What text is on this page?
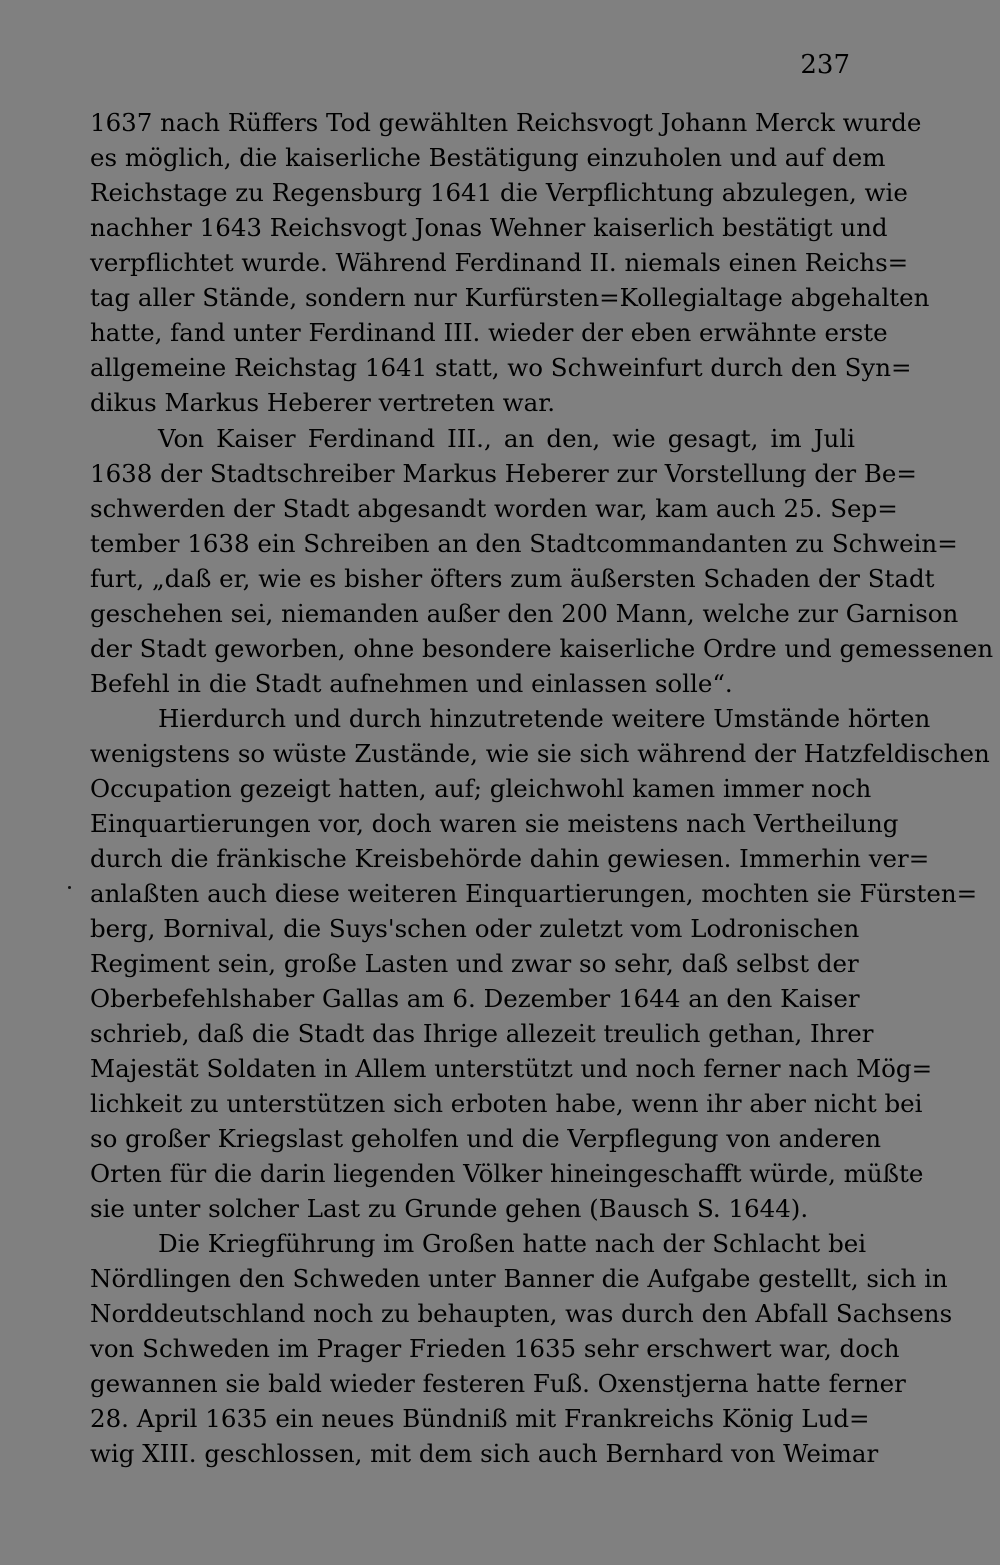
237
1637 nach Rüffers Tod gewählten Reichsvogt Johann Merck wurde
es möglich, die kaiserliche Bestätigung einzuholen und auf dem
Reichstage zu Regensburg 1641 die Verpflichtung abzulegen, wie
nachher 1643 Reichsvogt Jonas Wehner kaiserlich bestätigt und
verpflichtet wurde. Während Ferdinand II. niemals einen Reichs=
tag aller Stände, sondern nur Kurfürsten=Kollegialtage abgehalten
hatte, fand unter Ferdinand III. wieder der eben erwähnte erste
allgemeine Reichstag 1641 statt, wo Schweinfurt durch den Syn=
dikus Markus Heberer vertreten war.
Von Kaiser Ferdinand III., an den, wie gesagt, im Juli
1638 der Stadtschreiber Markus Heberer zur Vorstellung der Be=
schwerden der Stadt abgesandt worden war, kam auch 25. Sep=
tember 1638 ein Schreiben an den Stadtcommandanten zu Schwein=
furt, „daß er, wie es bisher öfters zum äußersten Schaden der Stadt
geschehen sei, niemanden außer den 200 Mann, welche zur Garnison
der Stadt geworben, ohne besondere kaiserliche Ordre und gemessenen
Befehl in die Stadt aufnehmen und einlassen solle“.
Hierdurch und durch hinzutretende weitere Umstände hörten
wenigstens so wüste Zustände, wie sie sich während der Hatzfeldischen
Occupation gezeigt hatten, auf; gleichwohl kamen immer noch
Einquartierungen vor, doch waren sie meistens nach Vertheilung
durch die fränkische Kreisbehörde dahin gewiesen. Immerhin ver=
anlaßten auch diese weiteren Einquartierungen, mochten sie Fürsten=
berg, Bornival, die Suys'schen oder zuletzt vom Lodronischen
Regiment sein, große Lasten und zwar so sehr, daß selbst der
Oberbefehlshaber Gallas am 6. Dezember 1644 an den Kaiser
schrieb, daß die Stadt das Ihrige allezeit treulich gethan, Ihrer
Majestät Soldaten in Allem unterstützt und noch ferner nach Mög=
lichkeit zu unterstützen sich erboten habe, wenn ihr aber nicht bei
so großer Kriegslast geholfen und die Verpflegung von anderen
Orten für die darin liegenden Völker hineingeschafft würde, müßte
sie unter solcher Last zu Grunde gehen (Bausch S. 1644).
Die Kriegführung im Großen hatte nach der Schlacht bei
Nördlingen den Schweden unter Banner die Aufgabe gestellt, sich in
Norddeutschland noch zu behaupten, was durch den Abfall Sachsens
von Schweden im Prager Frieden 1635 sehr erschwert war, doch
gewannen sie bald wieder festeren Fuß. Oxenstjerna hatte ferner
28. April 1635 ein neues Bündniß mit Frankreichs König Lud=
wig XIII. geschlossen, mit dem sich auch Bernhard von Weimar
